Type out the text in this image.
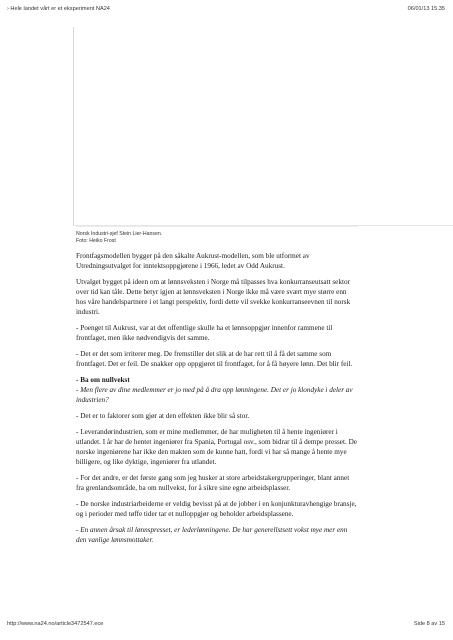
› Hele landet vårt er et eksperiment NA24	06/01/13 15.35
Norsk Industri-sjef Stein Lier-Hansen.
Foto: Heiko Frost

Frontfagsmodellen bygger på den såkalte Aukrust-modellen, som ble utformet av Utredningsutvalget for inntektsoppgjørene i 1966, ledet av Odd Aukrust.

Utvalget bygget på ideen om at lønnsveksten i Norge må tilpasses hva konkurranseutsatt sektor over tid kan tåle. Dette betyr igjen at lønnsveksten i Norge ikke må være svært mye større enn hos våre handelspartnere i et langt perspektiv, fordi dette vil svekke konkurranseevnen til norsk industri.

- Poenget til Aukrust, var at det offentlige skulle ha et lønnsoppgjør innenfor rammene til frontfaget, men ikke nødvendigvis det samme.

- Det er det som irriterer meg. De fremstiller det slik at de har rett til å få det samme som frontfaget. Det er feil. De snakker opp oppgjøret til frontfaget, for å få høyere lønn. Det blir feil.

- Ba om nullvekst

- Men flere av dine medlemmer er jo med på å dra opp lønningene. Det er jo klondyke i deler av industrien?

- Det er to faktorer som gjør at den effekten ikke blir så stor.

- Leverandørindustrien, som er mine medlemmer, de har muligheten til å hente ingeniører i utlandet. I år har de hentet ingeniører fra Spania, Portugal osv., som bidrar til å dempe presset. De norske ingeniørene har ikke den makten som de kunne hatt, fordi vi har så mange å hente mye billigere, og like dyktige, ingeniører fra utlandet.

- For det andre, er det første gang som jeg husker at store arbeidstakergrupperinger, blant annet fra grenlandsområde, ba om nullvekst, for å sikre sine egne arbeidsplasser.

- De norske industriarbeiderne er veldig bevisst på at de jobber i en konjunkturavhengige bransje, og i perioder med tøffe tider tar et nulloppgjør og beholder arbeidsplassene.

- En annen årsak til lønnspresset, er lederlønningene. De har generellstsett vokst mye mer enn den vanlige lønnsmottaker.

http://www.na24.no/article3472547.ece	Side 8 av 15
